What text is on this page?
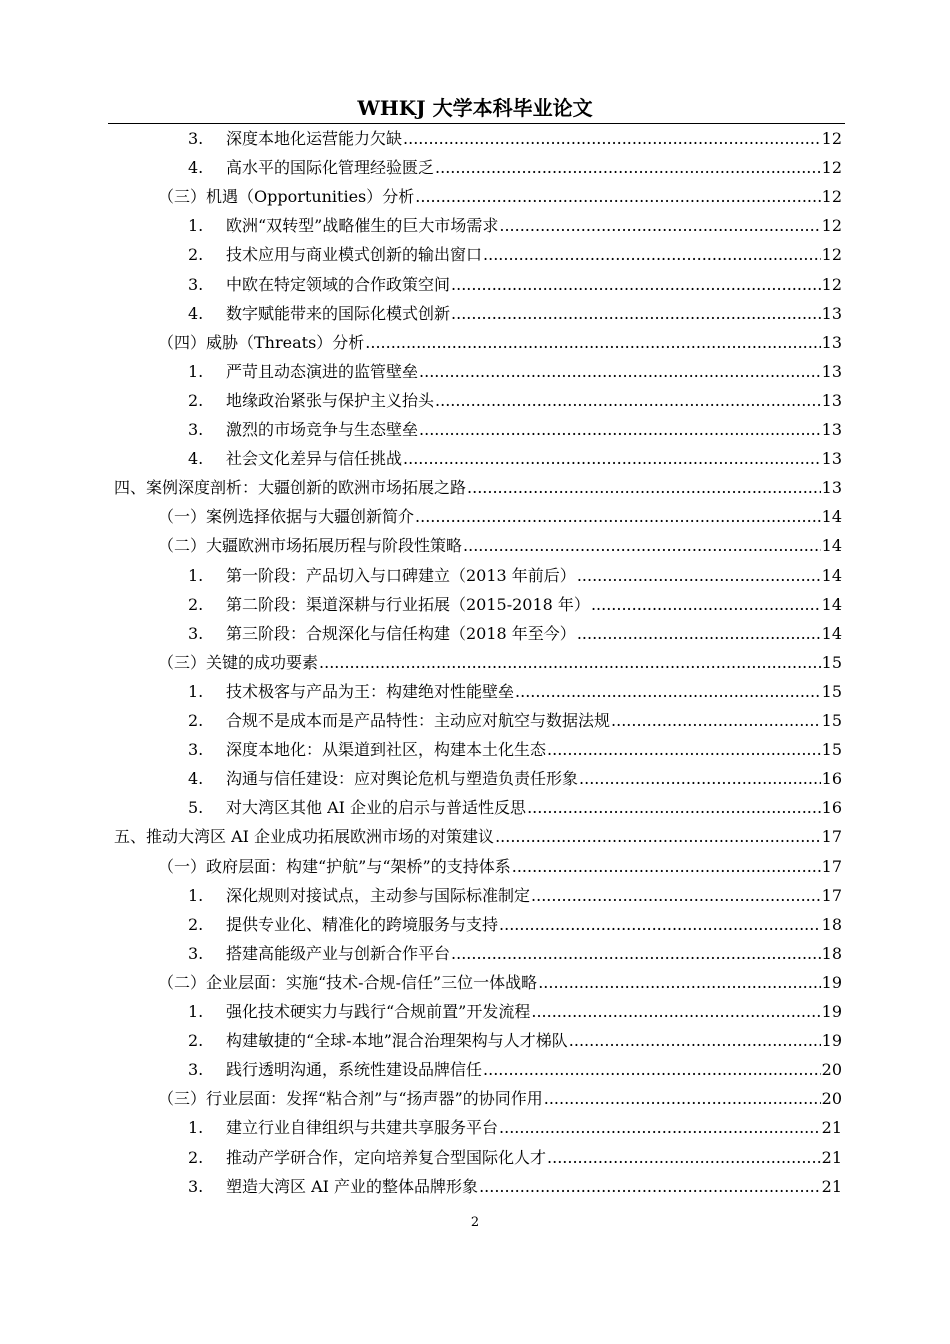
WHKJ 大学本科毕业论文
3. 深度本地化运营能力欠缺 .....	12
4. 高水平的国际化管理经验匮乏 .....	12
（三）机遇（Opportunities）分析 .....	12
1. 欧洲“双转型”战略催生的巨大市场需求 .....	12
2. 技术应用与商业模式创新的输出窗口 .....	12
3. 中欧在特定领域的合作政策空间 .....	12
4. 数字赋能带来的国际化模式创新 .....	13
（四）威胁（Threats）分析 .....	13
1. 严苛且动态演进的监管壁垒 .....	13
2. 地缘政治紧张与保护主义抬头 .....	13
3. 激烈的市场竞争与生态壁垒 .....	13
4. 社会文化差异与信任挑战 .....	13
四、案例深度剖析：大疆创新的欧洲市场拓展之路 .....	13
（一）案例选择依据与大疆创新简介 .....	14
（二）大疆欧洲市场拓展历程与阶段性策略 .....	14
1. 第一阶段：产品切入与口碑建立（2013 年前后） .....	14
2. 第二阶段：渠道深耕与行业拓展（2015-2018 年） .....	14
3. 第三阶段：合规深化与信任构建（2018 年至今） .....	14
（三）关键的成功要素 .....	15
1. 技术极客与产品为王：构建绝对性能壁垒 .....	15
2. 合规不是成本而是产品特性：主动应对航空与数据法规 .....	15
3. 深度本地化：从渠道到社区，构建本土化生态 .....	15
4. 沟通与信任建设：应对舆论危机与塑造负责任形象 .....	16
5. 对大湾区其他 AI 企业的启示与普适性反思 .....	16
五、推动大湾区 AI 企业成功拓展欧洲市场的对策建议 .....	17
（一）政府层面：构建“护航”与“架桥”的支持体系 .....	17
1. 深化规则对接试点，主动参与国际标准制定 .....	17
2. 提供专业化、精准化的跨境服务与支持 .....	18
3. 搭建高能级产业与创新合作平台 .....	18
（二）企业层面：实施“技术-合规-信任”三位一体战略 .....	19
1. 强化技术硬实力与践行“合规前置”开发流程 .....	19
2. 构建敏捷的“全球-本地”混合治理架构与人才梯队 .....	19
3. 践行透明沟通，系统性建设品牌信任 .....	20
（三）行业层面：发挥“粘合剂”与“扬声器”的协同作用 .....	20
1. 建立行业自律组织与共建共享服务平台 .....	21
2. 推动产学研合作，定向培养复合型国际化人才 .....	21
3. 塑造大湾区 AI 产业的整体品牌形象 .....	21
2
